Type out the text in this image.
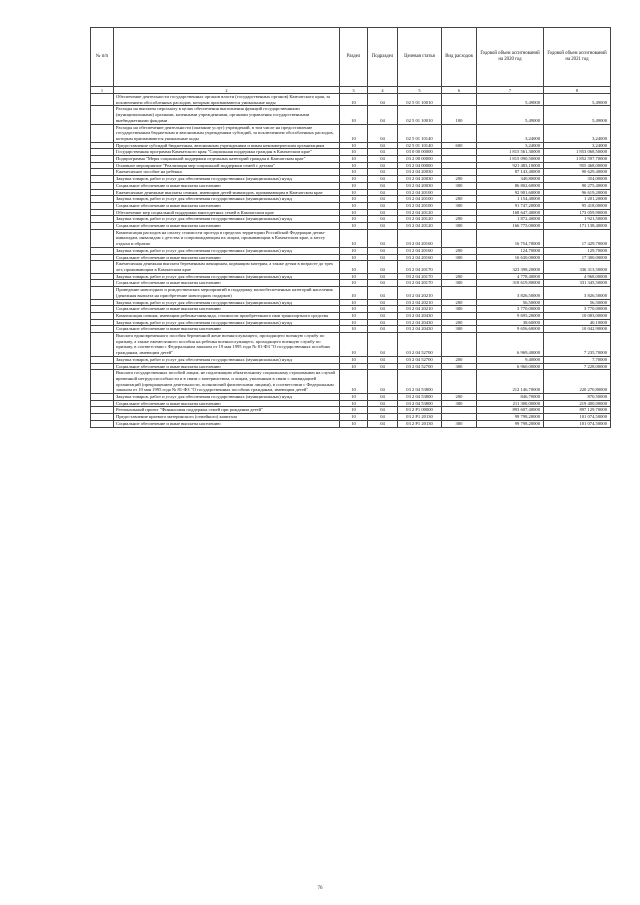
№ п/п		Раздел	Подраздел	Целевая статья	Вид расходов	Годовой объем ассигнований на 2020 год	Годовой объем ассигнований на 2021 год
1	2	3	4	5	6	7	8
	Обеспечение деятельности государственных органов власти (государственных органов) Камчатского края, за исключением обособленных расходов, которым присваиваются уникальные коды	10	04	02 5 01 10010		5,49000	5,49000
	Расходы на выплаты персоналу в целях обеспечения выполнения функций государственными (муниципальными) органами, казенными учреждениями, органами управления государственными внебюджетными фондами	10	04	02 5 01 10010	100	5,49000	5,49000
	Расходы на обеспечение деятельности (оказание услуг) учреждений, в том числе на предоставление государственным бюджетным и автономным учреждениям субсидий, за исключением обособленных расходов, которым присваиваются уникальные коды	10	04	02 5 01 10140		3,24000	3,24000
	Предоставление субсидий бюджетным, автономным учреждениям и иным некоммерческим организациям	10	04	02 5 01 10140	600	3,24000	3,24000
	Государственная программа Камчатского края "Социальная поддержка граждан в Камчатском крае"	10	04	03 0 00 00000		1 815 561,30000	1 853 068,50000
	Подпрограмма "Меры социальной поддержки отдельных категорий граждан в Камчатском крае"	10	04	03 2 00 00000		1 815 090,50000	1 852 597,70000
	Основное мероприятие "Реализация мер социальной поддержки семей с детьми"	10	04	03 2 04 00000		921 483,10000	955 468,00000
	Ежемесячное пособие на ребенка	10	04	03 2 04 20030		87 143,40000	90 629,40000
	Закупка товаров, работ и услуг для обеспечения государственных (муниципальных) нужд	10	04	03 2 04 20030	200	340,80000	354,00000
	Социальное обеспечение и иные выплаты населению	10	04	03 2 04 20030	300	86 802,60000	90 275,40000
	Ежемесячные денежные выплаты семьям, имеющим детей-инвалидов, проживающим в Камчатском крае	10	04	03 2 04 20100		92 901,60000	96 619,20000
	Закупка товаров, работ и услуг для обеспечения государственных (муниципальных) нужд	10	04	03 2 04 20100	200	1 154,40000	1 201,20000
	Социальное обеспечение и иные выплаты населению	10	04	03 2 04 20100	300	91 747,20000	95 418,00000
	Обеспечение мер социальной поддержки многодетных семей в Камчатском крае	10	04	03 2 04 20120		168 647,40000	173 059,90000
	Закупка товаров, работ и услуг для обеспечения государственных (муниципальных) нужд	10	04	03 2 04 20120	200	1 872,40000	1 921,50000
	Социальное обеспечение и иные выплаты населению	10	04	03 2 04 20120	300	166 775,00000	171 138,40000
	Компенсация расходов на оплату стоимости проезда в пределах территории Российской Федерации детям-инвалидам, инвалидам с детства и сопровождающим их лицам, проживающим в Камчатском крае, к месту отдыха и обратно	10	04	03 2 04 20160		16 754,70000	17 429,70000
	Закупка товаров, работ и услуг для обеспечения государственных (муниципальных) нужд	10	04	03 2 04 20160	200	124,70000	129,70000
	Социальное обеспечение и иные выплаты населению	10	04	03 2 04 20160	300	16 630,00000	17 300,00000
	Ежемесячная денежная выплата беременным женщинам, кормящим матерям, а также детям в возрасте до трех лет, проживающим в Камчатском крае	10	04	03 2 04 20170		323 398,20000	336 313,50000
	Закупка товаров, работ и услуг для обеспечения государственных (муниципальных) нужд	10	04	03 2 04 20170	200	4 778,40000	4 968,00000
	Социальное обеспечение и иные выплаты населению	10	04	03 2 04 20170	300	318 619,80000	331 345,50000
	Проведение новогодних и рождественских мероприятий в поддержку малообеспеченных категорий населения (денежная выплата на приобретение новогодних подарков)	10	04	03 2 04 20210		3 826,50000	3 826,50000
	Закупка товаров, работ и услуг для обеспечения государственных (муниципальных) нужд	10	04	03 2 04 20210	200	56,50000	56,50000
	Социальное обеспечение и иные выплаты населению	10	04	03 2 04 20210	300	3 770,00000	3 770,00000
	Компенсация семьям, имеющим ребенка-инвалида, стоимости приобретенного ими транспортного средства	10	04	03 2 04 20430		9 695,20000	10 083,00000
	Закупка товаров, работ и услуг для обеспечения государственных (муниципальных) нужд	10	04	03 2 04 20430	200	38,60000	40,10000
	Социальное обеспечение и иные выплаты населению	10	04	03 2 04 20430	300	9 656,60000	10 042,90000
	Выплата единовременного пособия беременной жене военнослужащего, проходящего военную службу по призыву, а также ежемесячного пособия на ребенка военнослужащего, проходящего военную службу по призыву, в соответствии с Федеральным законом от 19 мая 1995 года № 81-ФЗ "О государственных пособиях гражданам, имеющим детей"	10	04	03 2 04 52700		6 969,40000	7 235,70000
	Закупка товаров, работ и услуг для обеспечения государственных (муниципальных) нужд	10	04	03 2 04 52700	200	9,40000	7,70000
	Социальное обеспечение и иные выплаты населению	10	04	03 2 04 52700	300	6 960,00000	7 228,00000
	Выплата государственных пособий лицам, не подлежащим обязательному социальному страхованию на случай временной нетрудоспособности и в связи с материнством, и лицам, уволенным в связи с ликвидацией организаций (прекращением деятельности, полномочий физическими лицами), в соответствии с Федеральным законом от 19 мая 1995 года № 81-ФЗ "О государственных пособиях гражданам, имеющим детей"	10	04	03 2 04 53800		212 146,70000	220 270,80000
	Закупка товаров, работ и услуг для обеспечения государственных (муниципальных) нужд	10	04	03 2 04 53800	200	846,70000	870,50000
	Социальное обеспечение и иные выплаты населению	10	04	03 2 04 53800	300	211 300,00000	219 400,00000
	Региональный проект "Финансовая поддержка семей при рождении детей"	10	04	03 2 P1 00000		893 607,40000	897 129,70000
	Предоставление краевого материнского (семейного) капитала	10	04	03 2 P1 20130		99 798,20000	101 074,50000
	Социальное обеспечение и иные выплаты населению	10	04	03 2 P1 20130	300	99 798,20000	101 074,50000
76
